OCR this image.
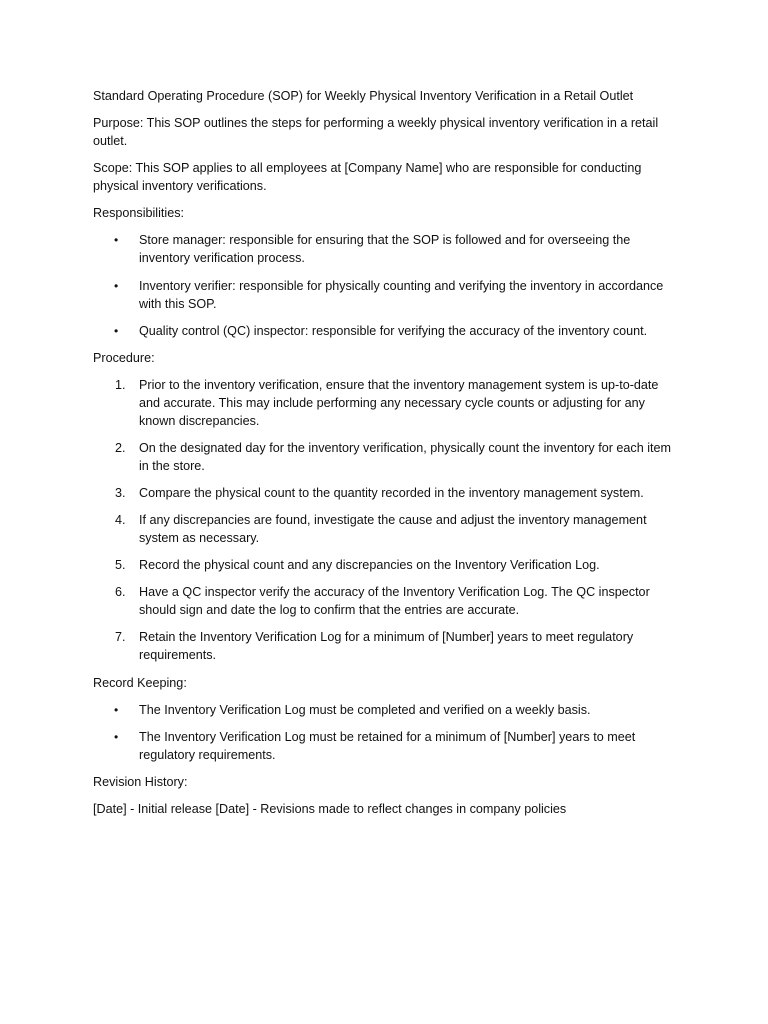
Standard Operating Procedure (SOP) for Weekly Physical Inventory Verification in a Retail Outlet

Purpose: This SOP outlines the steps for performing a weekly physical inventory verification in a retail outlet.

Scope: This SOP applies to all employees at [Company Name] who are responsible for conducting physical inventory verifications.

Responsibilities:

•	Store manager: responsible for ensuring that the SOP is followed and for overseeing the inventory verification process.
•	Inventory verifier: responsible for physically counting and verifying the inventory in accordance with this SOP.
•	Quality control (QC) inspector: responsible for verifying the accuracy of the inventory count.

Procedure:

1.	Prior to the inventory verification, ensure that the inventory management system is up-to-date and accurate. This may include performing any necessary cycle counts or adjusting for any known discrepancies.
2.	On the designated day for the inventory verification, physically count the inventory for each item in the store.
3.	Compare the physical count to the quantity recorded in the inventory management system.
4.	If any discrepancies are found, investigate the cause and adjust the inventory management system as necessary.
5.	Record the physical count and any discrepancies on the Inventory Verification Log.
6.	Have a QC inspector verify the accuracy of the Inventory Verification Log. The QC inspector should sign and date the log to confirm that the entries are accurate.
7.	Retain the Inventory Verification Log for a minimum of [Number] years to meet regulatory requirements.

Record Keeping:

•	The Inventory Verification Log must be completed and verified on a weekly basis.
•	The Inventory Verification Log must be retained for a minimum of [Number] years to meet regulatory requirements.

Revision History:

[Date] - Initial release [Date] - Revisions made to reflect changes in company policies
